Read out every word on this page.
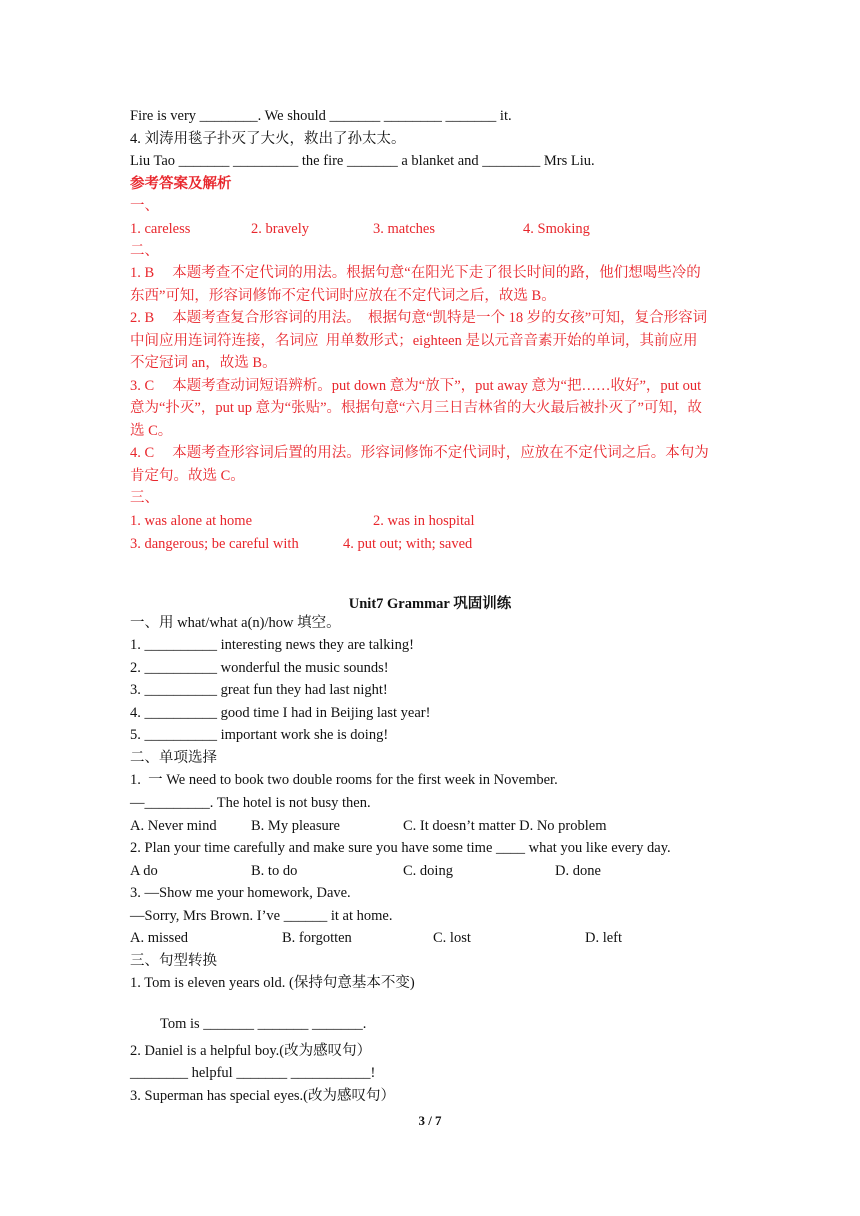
Fire is very ________. We should _______ ________ _______ it.

4. 刘涛用毯子扑灭了大火，救出了孙太太。

Liu Tao _______ _________ the fire _______ a blanket and ________ Mrs Liu.

参考答案及解析

一、

1. careless

	2. bravely

	3. matches

	4. Smoking

二、

1. B     本题考查不定代词的用法。根据句意“在阳光下走了很长时间的路，他们想喝些冷的

东西”可知，形容词修饰不定代词时应放在不定代词之后，故选 B。

2. B     本题考查复合形容词的用法。  根据句意“凯特是一个 18 岁的女孩”可知，复合形容词

中间应用连词符连接，名词应  用单数形式；eighteen 是以元音音素开始的单词，其前应用

不定冠词 an，故选 B。

3. C     本题考查动词短语辨析。put down 意为“放下”，put away 意为“把……收好”，put out

意为“扑灭”，put up 意为“张贴”。根据句意“六月三日吉林省的大火最后被扑灭了”可知，故

选 C。

4. C     本题考查形容词后置的用法。形容词修饰不定代词时，应放在不定代词之后。本句为

肯定句。故选 C。

三、

1. was alone at home

	2. was in hospital

3. dangerous; be careful with

	4. put out; with; saved

Unit7 Grammar 巩固训练

一、用 what/what a(n)/how 填空。

1. __________ interesting news they are talking!

2. __________ wonderful the music sounds!

3. __________ great fun they had last night!

4. __________ good time I had in Beijing last year!

5. __________ important work she is doing!

二、单项选择

1.  一 We need to book two double rooms for the first week in November.

—_________. The hotel is not busy then.

A. Never mind

B. My pleasure

	C. It doesn’t matter D. No problem

2. Plan your time carefully and make sure you have some time ____ what you like every day.

A do

	B. to do

	C. doing

	D. done

3. —Show me your homework, Dave.

—Sorry, Mrs Brown. I’ve ______ it at home.

A. missed

	B. forgotten

	C. lost

	D. left

三、句型转换

1. Tom is eleven years old. (保持句意基本不变)

Tom is _______ _______ _______.

2. Daniel is a helpful boy.(改为感叹句）

________ helpful _______ ___________!

3. Superman has special eyes.(改为感叹句）

3 / 7
